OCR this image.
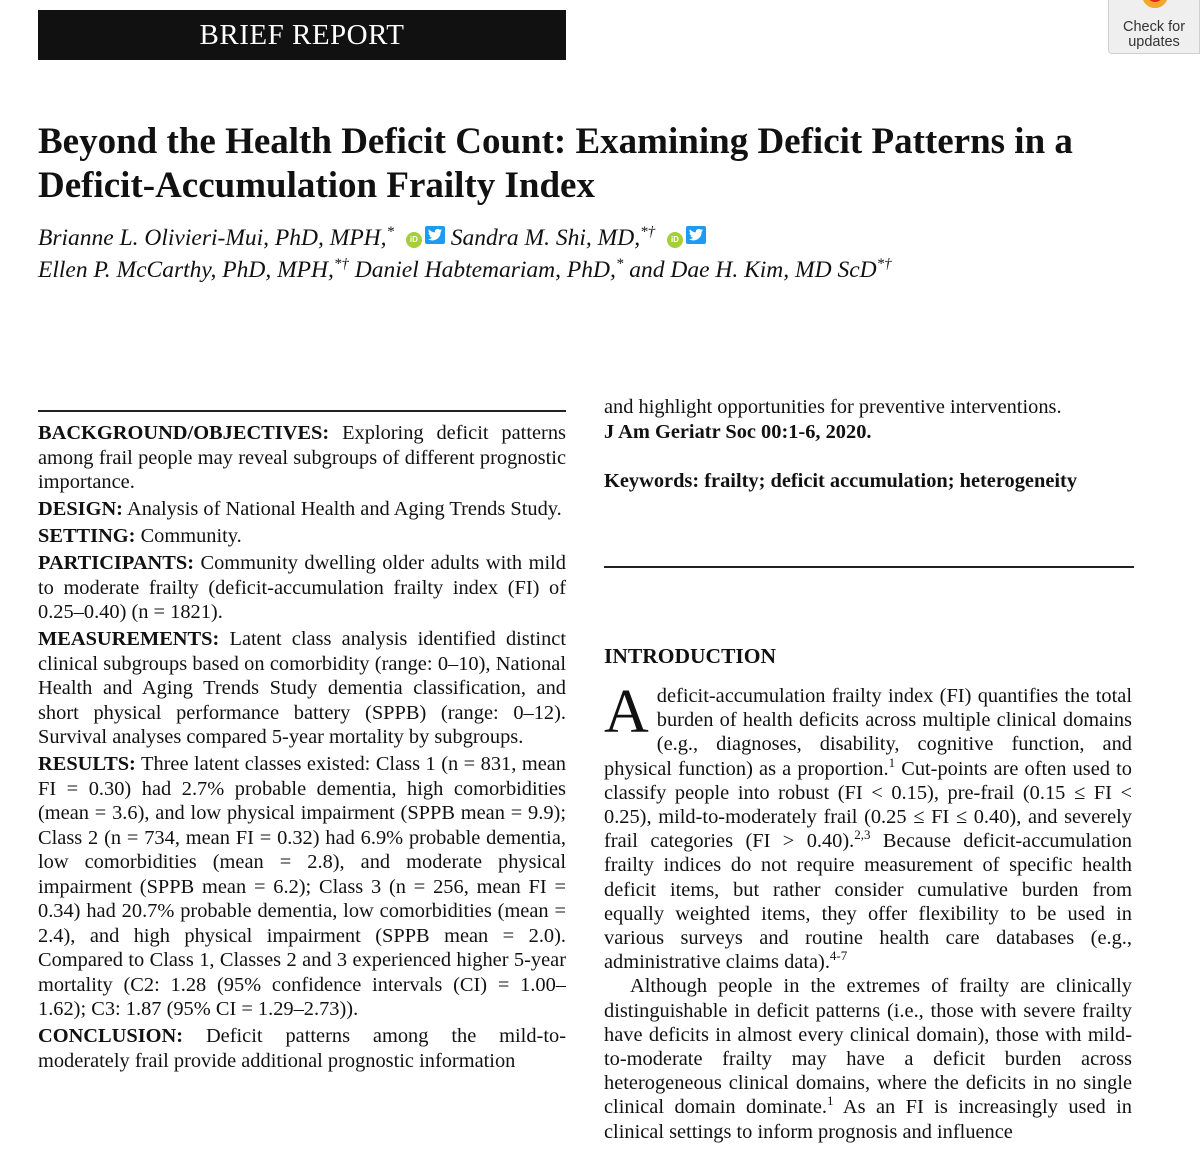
BRIEF REPORT	Check for
updates
Beyond the Health Deficit Count: Examining Deficit Patterns in a Deficit-Accumulation Frailty Index
Brianne L. Olivieri-Mui, PhD, MPH,* iD Sandra M. Shi, MD,*† iD

Ellen P. McCarthy, PhD, MPH,*† Daniel Habtemariam, PhD,* and Dae H. Kim, MD ScD*†

BACKGROUND/OBJECTIVES: Exploring deficit patterns among frail people may reveal subgroups of different prognostic importance.

DESIGN: Analysis of National Health and Aging Trends Study.

SETTING: Community.

PARTICIPANTS: Community dwelling older adults with mild to moderate frailty (deficit-accumulation frailty index (FI) of 0.25–0.40) (n = 1821).

MEASUREMENTS: Latent class analysis identified distinct clinical subgroups based on comorbidity (range: 0–10), National Health and Aging Trends Study dementia classification, and short physical performance battery (SPPB) (range: 0–12). Survival analyses compared 5-year mortality by subgroups.

RESULTS: Three latent classes existed: Class 1 (n = 831, mean FI = 0.30) had 2.7% probable dementia, high comorbidities (mean = 3.6), and low physical impairment (SPPB mean = 9.9); Class 2 (n = 734, mean FI = 0.32) had 6.9% probable dementia, low comorbidities (mean = 2.8), and moderate physical impairment (SPPB mean = 6.2); Class 3 (n = 256, mean FI = 0.34) had 20.7% probable dementia, low comorbidities (mean = 2.4), and high physical impairment (SPPB mean = 2.0). Compared to Class 1, Classes 2 and 3 experienced higher 5-year mortality (C2: 1.28 (95% confidence intervals (CI) = 1.00–1.62); C3: 1.87 (95% CI = 1.29–2.73)).

CONCLUSION: Deficit patterns among the mild-to-moderately frail provide additional prognostic information

and highlight opportunities for preventive interventions.
J Am Geriatr Soc 00:1-6, 2020.
Keywords: frailty; deficit accumulation; heterogeneity
INTRODUCTION

Adeficit-accumulation frailty index (FI) quantifies the total burden of health deficits across multiple clinical domains (e.g., diagnoses, disability, cognitive function, and physical function) as a proportion.$^1$ Cut-points are often used to classify people into robust (FI < 0.15), pre-frail (0.15 ≤ FI < 0.25), mild-to-moderately frail (0.25 ≤ FI ≤ 0.40), and severely frail categories (FI > 0.40).$^{2,3}$ Because deficit-accumulation frailty indices do not require measurement of specific health deficit items, but rather consider cumulative burden from equally weighted items, they offer flexibility to be used in various surveys and routine health care databases (e.g., administrative claims data).$^{4-7}$

Although people in the extremes of frailty are clinically distinguishable in deficit patterns (i.e., those with severe frailty have deficits in almost every clinical domain), those with mild-to-moderate frailty may have a deficit burden across heterogeneous clinical domains, where the deficits in no single clinical domain dominate.$^1$ As an FI is increasingly used in clinical settings to inform prognosis and influence
